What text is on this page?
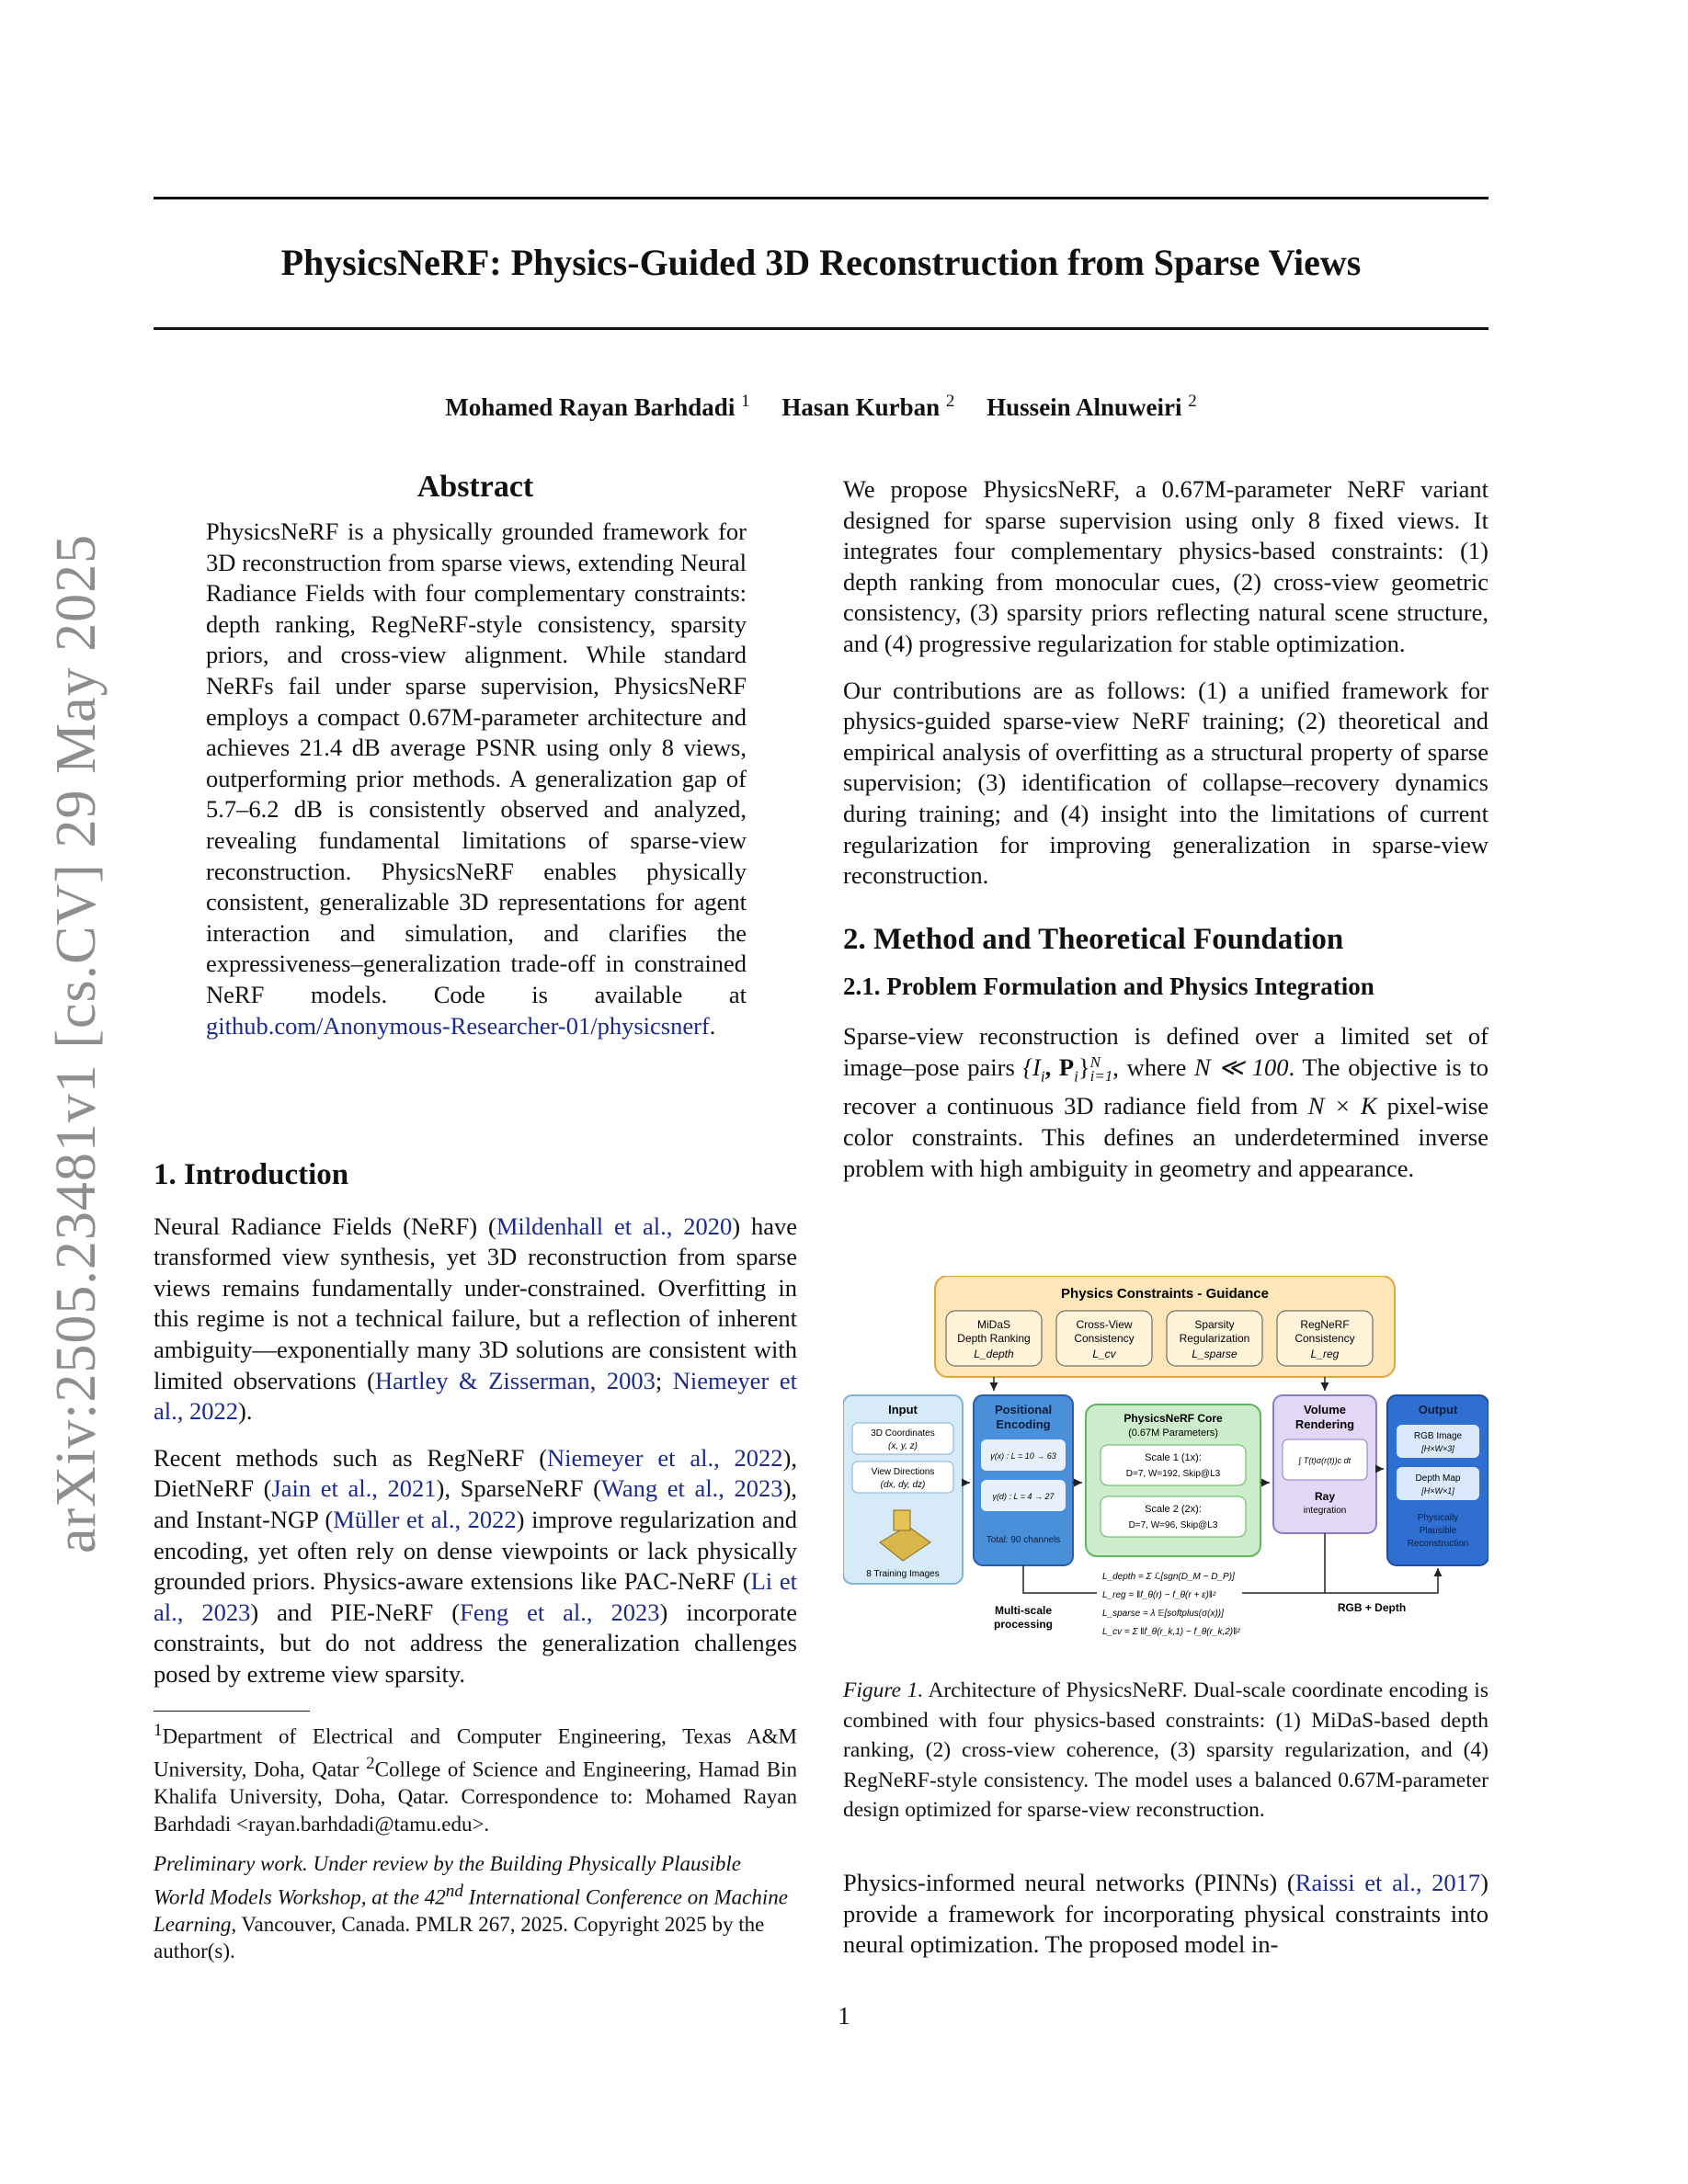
arXiv:2505.23481v1 [cs.CV] 29 May 2025
PhysicsNeRF: Physics-Guided 3D Reconstruction from Sparse Views
Mohamed Rayan Barhdadi $^1$ Hasan Kurban $^2$ Hussein Alnuweiri $^2$
Abstract
PhysicsNeRF is a physically grounded framework for 3D reconstruction from sparse views, extending Neural Radiance Fields with four complementary constraints: depth ranking, RegNeRF-style consistency, sparsity priors, and cross-view alignment. While standard NeRFs fail under sparse supervision, PhysicsNeRF employs a compact 0.67M-parameter architecture and achieves 21.4 dB average PSNR using only 8 views, outperforming prior methods. A generalization gap of 5.7–6.2 dB is consistently observed and analyzed, revealing fundamental limitations of sparse-view reconstruction. PhysicsNeRF enables physically consistent, generalizable 3D representations for agent interaction and simulation, and clarifies the expressiveness–generalization trade-off in constrained NeRF models. Code is available at github.com/Anonymous-Researcher-01/physicsnerf.
1. Introduction

Neural Radiance Fields (NeRF) (Mildenhall et al., 2020) have transformed view synthesis, yet 3D reconstruction from sparse views remains fundamentally under-constrained. Overfitting in this regime is not a technical failure, but a reflection of inherent ambiguity—exponentially many 3D solutions are consistent with limited observations (Hartley & Zisserman, 2003; Niemeyer et al., 2022).

Recent methods such as RegNeRF (Niemeyer et al., 2022), DietNeRF (Jain et al., 2021), SparseNeRF (Wang et al., 2023), and Instant-NGP (Müller et al., 2022) improve regularization and encoding, yet often rely on dense viewpoints or lack physically grounded priors. Physics-aware extensions like PAC-NeRF (Li et al., 2023) and PIE-NeRF (Feng et al., 2023) incorporate constraints, but do not address the generalization challenges posed by extreme view sparsity.

$^1$Department of Electrical and Computer Engineering, Texas A&M University, Doha, Qatar $^2$College of Science and Engineering, Hamad Bin Khalifa University, Doha, Qatar. Correspondence to: Mohamed Rayan Barhdadi <rayan.barhdadi@tamu.edu>.
Preliminary work. Under review by the Building Physically Plausible World Models Workshop, at the 42nd International Conference on Machine Learning, Vancouver, Canada. PMLR 267, 2025. Copyright 2025 by the author(s).

We propose PhysicsNeRF, a 0.67M-parameter NeRF variant designed for sparse supervision using only 8 fixed views. It integrates four complementary physics-based constraints: (1) depth ranking from monocular cues, (2) cross-view geometric consistency, (3) sparsity priors reflecting natural scene structure, and (4) progressive regularization for stable optimization.

Our contributions are as follows: (1) a unified framework for physics-guided sparse-view NeRF training; (2) theoretical and empirical analysis of overfitting as a structural property of sparse supervision; (3) identification of collapse–recovery dynamics during training; and (4) insight into the limitations of current regularization for improving generalization in sparse-view reconstruction.

2. Method and Theoretical Foundation
2.1. Problem Formulation and Physics Integration

Sparse-view reconstruction is defined over a limited set of image–pose pairs {$I_i$, $P_i$} N
i=1 , where N ≪ 100. The objective is to recover a continuous 3D radiance field from N × K pixel-wise color constraints. This defines an underdetermined inverse problem with high ambiguity in geometry and appearance.

Physics Constraints - Guidance
MiDaS
Depth Ranking
L_depth
Cross-View
Consistency
L_cv
Sparsity
Regularization
L_sparse
RegNeRF
Consistency
L_reg
Input
3D Coordinates
(x, y, z)
View Directions
(dx, dy, dz)
8 Training Images
Positional
Encoding
γ(x) : L = 10 → 63
γ(d) : L = 4 → 27
Total: 90 channels
PhysicsNeRF Core
(0.67M Parameters)
Scale 1 (1x):
D=7, W=192, Skip@L3
Scale 2 (2x):
D=7, W=96, Skip@L3
Volume
Rendering
∫ T(t)σ(r(t))c dt
Ray
integration
Output
RGB Image
[H×W×3]
Depth Map
[H×W×1]
Physically
Plausible
Reconstruction
Multi-scale
processing
RGB + Depth
L_depth = Σ ℒ[sgn(D_M − D_P)]
L_reg = ‖f_θ(r) − f_θ(r + ε)‖²
L_sparse = λ 𝔼[softplus(σ(x))]
L_cv = Σ ‖f_θ(r_k,1) − f_θ(r_k,2)‖²
Figure 1. Architecture of PhysicsNeRF. Dual-scale coordinate encoding is combined with four physics-based constraints: (1) MiDaS-based depth ranking, (2) cross-view coherence, (3) sparsity regularization, and (4) RegNeRF-style consistency. The model uses a balanced 0.67M-parameter design optimized for sparse-view reconstruction.

Physics-informed neural networks (PINNs) (Raissi et al., 2017) provide a framework for incorporating physical constraints into neural optimization. The proposed model in-

1
